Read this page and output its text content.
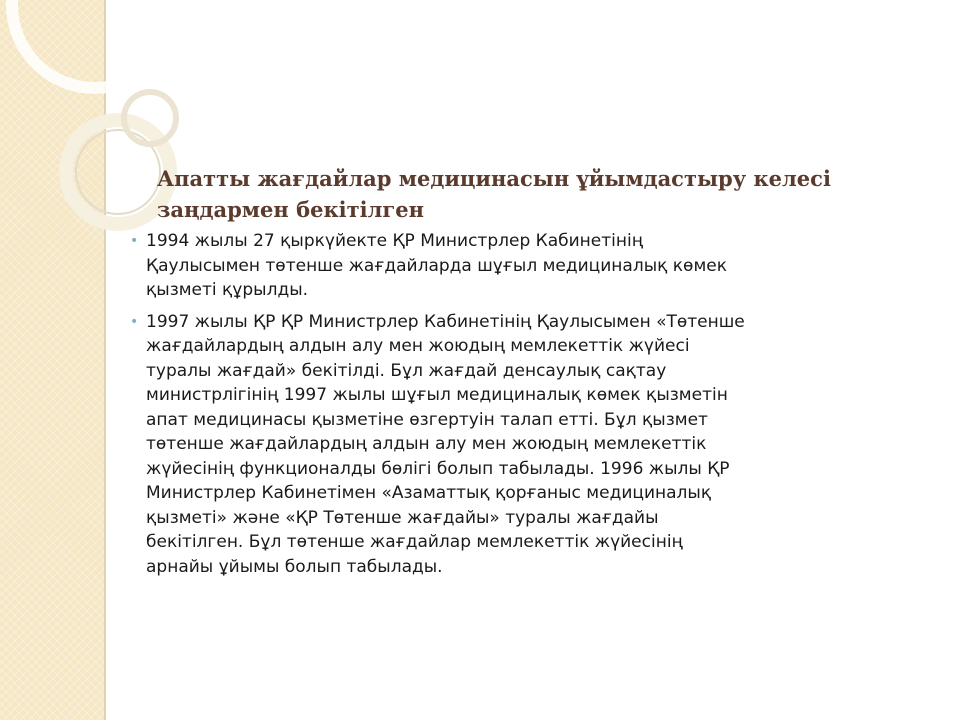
Апатты жағдайлар медицинасын ұйымдастыру келесі
заңдармен бекітілген
• 1994 жылы 27 қыркүйекте ҚР Министрлер Кабинетінің
Қаулысымен төтенше жағдайларда шұғыл медициналық көмек
қызметі құрылды.
• 1997 жылы ҚР ҚР Министрлер Кабинетінің Қаулысымен «Төтенше
жағдайлардың алдын алу мен жоюдың мемлекеттік жүйесі
туралы жағдай» бекітілді. Бұл жағдай денсаулық сақтау
министрлігінің 1997 жылы шұғыл медициналық көмек қызметін
апат медицинасы қызметіне өзгертуін талап етті. Бұл қызмет
төтенше жағдайлардың алдын алу мен жоюдың мемлекеттік
жүйесінің функционалды бөлігі болып табылады. 1996 жылы ҚР
Министрлер Кабинетімен «Азаматтық қорғаныс медициналық
қызметі» және «ҚР Төтенше жағдайы» туралы жағдайы
бекітілген. Бұл төтенше жағдайлар мемлекеттік жүйесінің
арнайы ұйымы болып табылады.
